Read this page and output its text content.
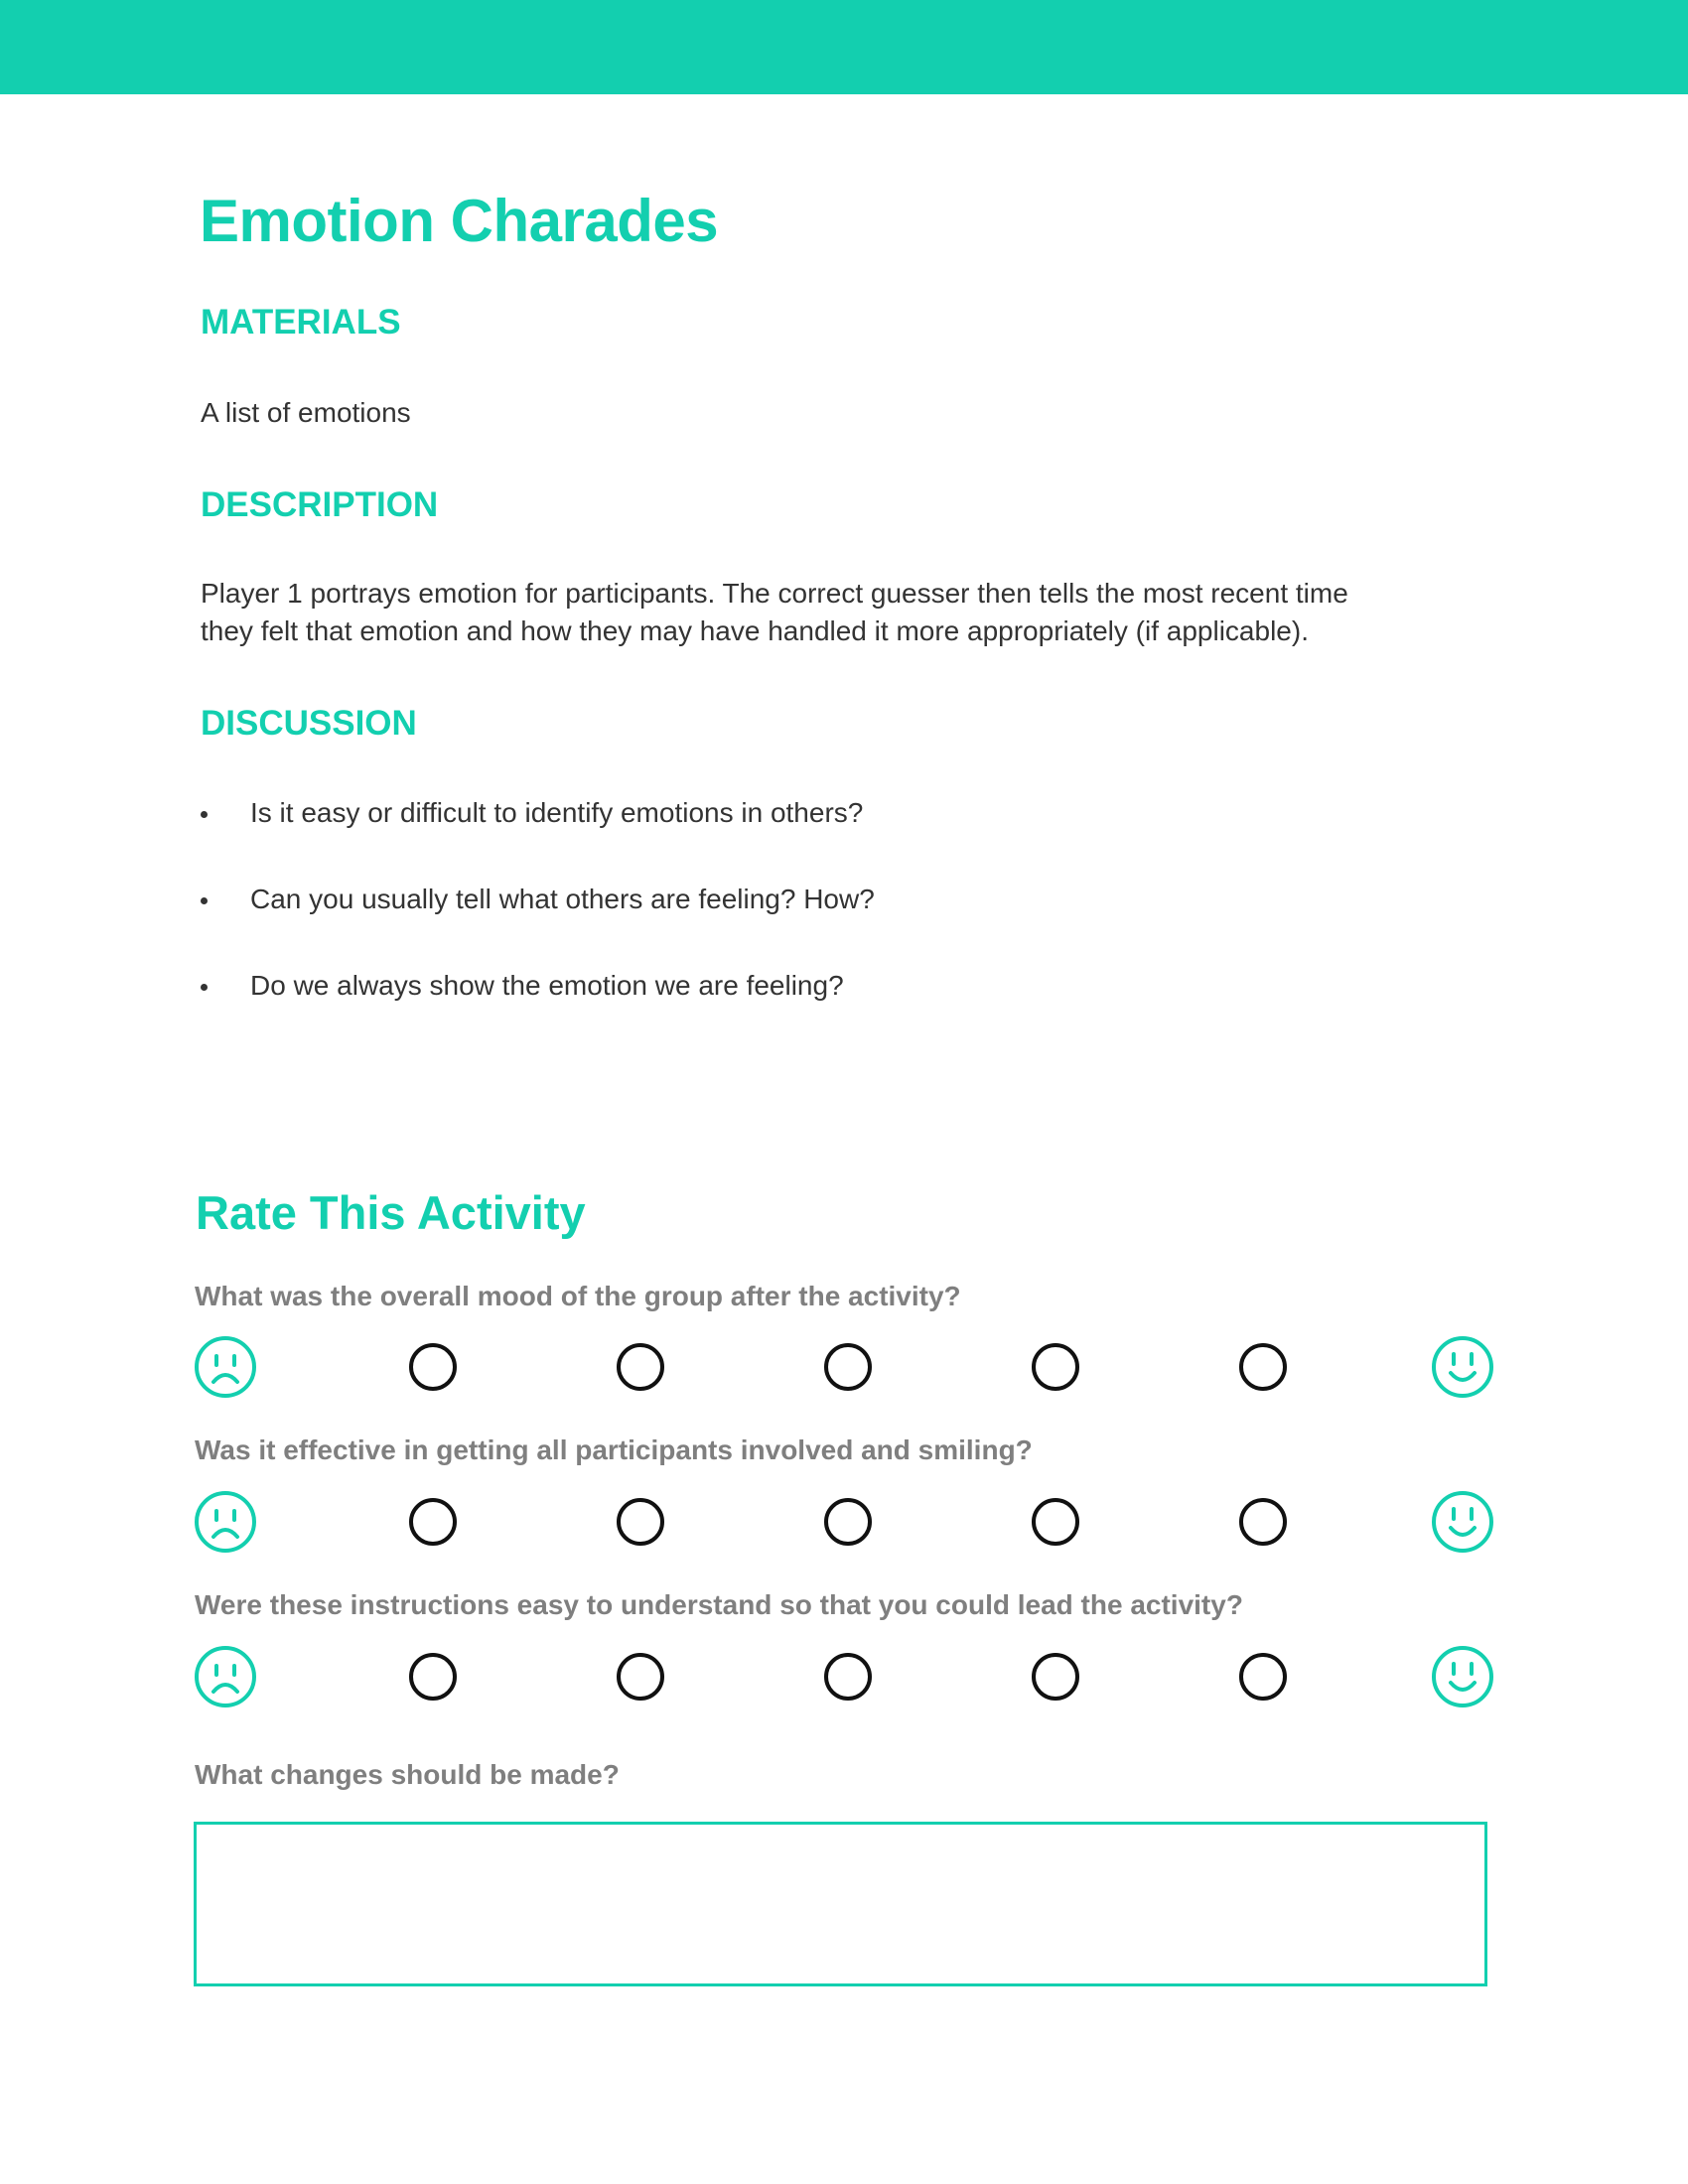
Emotion Charades
MATERIALS

A list of emotions

DESCRIPTION
Player 1 portrays emotion for participants. The correct guesser then tells the most recent time
they felt that emotion and how they may have handled it more appropriately (if applicable).
DISCUSSION
Is it easy or difficult to identify emotions in others?
Can you usually tell what others are feeling? How?
Do we always show the emotion we are feeling?
Rate This Activity
What was the overall mood of the group after the activity?
Was it effective in getting all participants involved and smiling?
Were these instructions easy to understand so that you could lead the activity?
What changes should be made?
